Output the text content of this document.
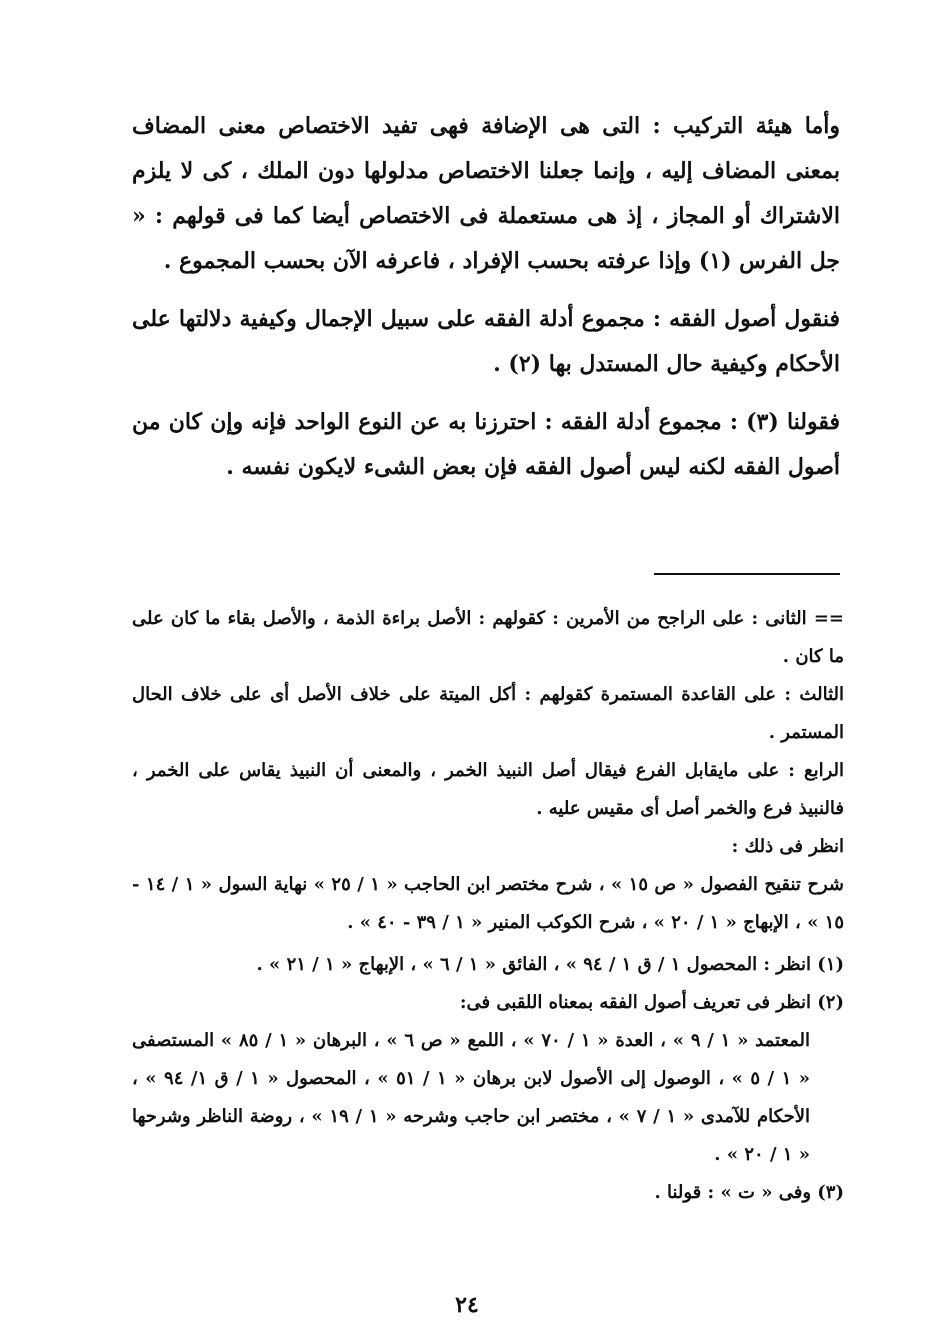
وأما هيئة التركيب : التى هى الإضافة فهى تفيد الاختصاص معنى المضاف بمعنى المضاف إليه ، وإنما جعلنا الاختصاص مدلولها دون الملك ، كى لا يلزم الاشتراك أو المجاز ، إذ هى مستعملة فى الاختصاص أيضا كما فى قولهم : « جل الفرس (١) وإذا عرفته بحسب الإفراد ، فاعرفه الآن بحسب المجموع .

فنقول أصول الفقه : مجموع أدلة الفقه على سبيل الإجمال وكيفية دلالتها على الأحكام وكيفية حال المستدل بها (٢) .

فقولنا (٣) : مجموع أدلة الفقه : احترزنا به عن النوع الواحد فإنه وإن كان من أصول الفقه لكنه ليس أصول الفقه فإن بعض الشىء لايكون نفسه .

== الثانى : على الراجح من الأمرين : كقولهم : الأصل براءة الذمة ، والأصل بقاء ما كان على ما كان .

الثالث : على القاعدة المستمرة كقولهم : أكل الميتة على خلاف الأصل أى على خلاف الحال المستمر .

الرابع : على مايقابل الفرع فيقال أصل النبيذ الخمر ، والمعنى أن النبيذ يقاس على الخمر ، فالنبيذ فرع والخمر أصل أى مقيس عليه .

انظر فى ذلك :

شرح تنقيح الفصول « ص ١٥ » ، شرح مختصر ابن الحاجب « ١ / ٢٥ » نهاية السول « ١ / ١٤ - ١٥ » ، الإبهاج « ١ / ٢٠ » ، شرح الكوكب المنير « ١ / ٣٩ - ٤٠ » .

(١) انظر : المحصول ١ / ق ١ / ٩٤ » ، الفائق « ١ / ٦ » ، الإبهاج « ١ / ٢١ » .

(٢) انظر فى تعريف أصول الفقه بمعناه اللقبى فى:

المعتمد « ١ / ٩ » ، العدة « ١ / ٧٠ » ، اللمع « ص ٦ » ، البرهان « ١ / ٨٥ » المستصفى « ١ / ٥ » ، الوصول إلى الأصول لابن برهان « ١ / ٥١ » ، المحصول « ١ / ق ١/ ٩٤ » ، الأحكام للآمدى « ١ / ٧ » ، مختصر ابن حاجب وشرحه « ١ / ١٩ » ، روضة الناظر وشرحها « ١ / ٢٠ » .

(٣) وفى « ت » : قولنا .

٢٤
